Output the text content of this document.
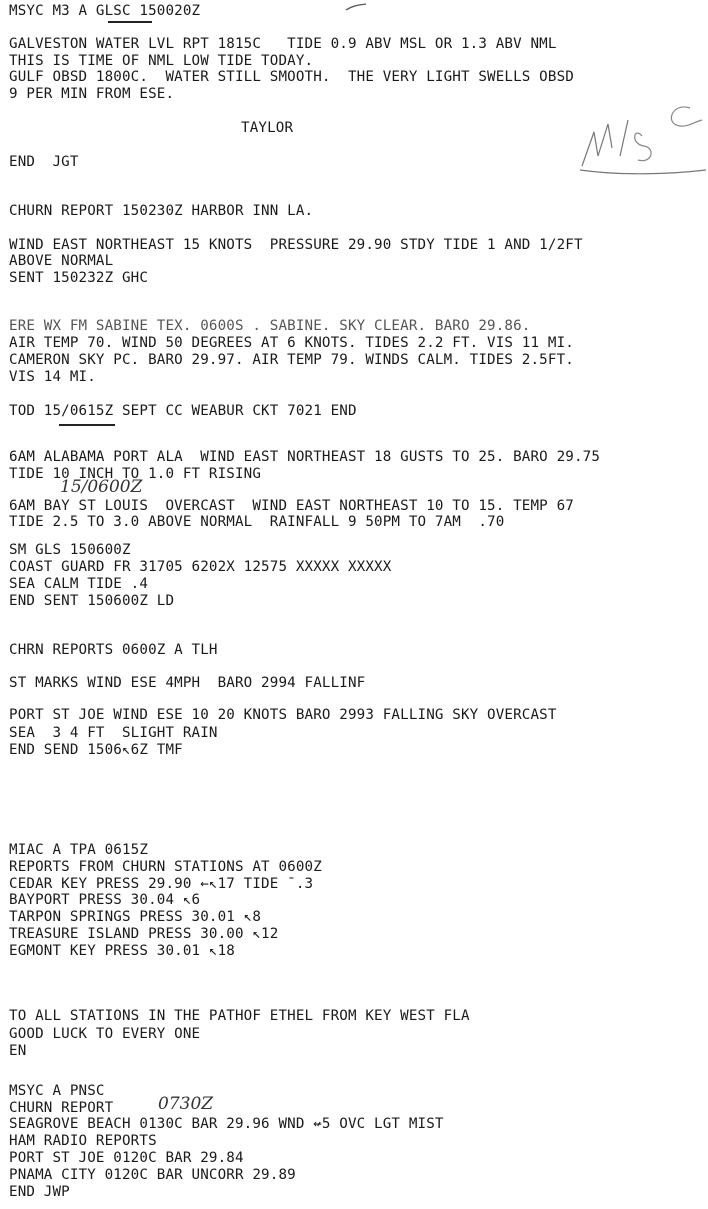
MSYC M3 A GLSC 150020Z

GALVESTON WATER LVL RPT 1815C   TIDE 0.9 ABV MSL OR 1.3 ABV NML

THIS IS TIME OF NML LOW TIDE TODAY.

GULF OBSD 1800C.  WATER STILL SMOOTH.  THE VERY LIGHT SWELLS OBSD

9 PER MIN FROM ESE.

TAYLOR

END  JGT

CHURN REPORT 150230Z HARBOR INN LA.

WIND EAST NORTHEAST 15 KNOTS  PRESSURE 29.90 STDY TIDE 1 AND 1/2FT

ABOVE NORMAL

SENT 150232Z GHC

ERE WX FM SABINE TEX. 0600S . SABINE. SKY CLEAR. BARO 29.86.

AIR TEMP 70. WIND 50 DEGREES AT 6 KNOTS. TIDES 2.2 FT. VIS 11 MI.

CAMERON SKY PC. BARO 29.97. AIR TEMP 79. WINDS CALM. TIDES 2.5FT.

VIS 14 MI.

TOD 15/0615Z SEPT CC WEABUR CKT 7021 END

6AM ALABAMA PORT ALA  WIND EAST NORTHEAST 18 GUSTS TO 25. BARO 29.75

TIDE 10 INCH TO 1.0 FT RISING

15/0600Z

6AM BAY ST LOUIS  OVERCAST  WIND EAST NORTHEAST 10 TO 15. TEMP 67

TIDE 2.5 TO 3.0 ABOVE NORMAL  RAINFALL 9 50PM TO 7AM  .70

SM GLS 150600Z

COAST GUARD FR 31705 6202X 12575 XXXXX XXXXX

SEA CALM TIDE .4

END SENT 150600Z LD

CHRN REPORTS 0600Z A TLH

ST MARKS WIND ESE 4MPH  BARO 2994 FALLINF

PORT ST JOE WIND ESE 10 20 KNOTS BARO 2993 FALLING SKY OVERCAST

SEA  3 4 FT  SLIGHT RAIN

END SEND 1506↖6Z TMF

MIAC A TPA 0615Z

REPORTS FROM CHURN STATIONS AT 0600Z

CEDAR KEY PRESS 29.90 ←↖17 TIDE ¯.3

BAYPORT PRESS 30.04 ↖6

TARPON SPRINGS PRESS 30.01 ↖8

TREASURE ISLAND PRESS 30.00 ↖12

EGMONT KEY PRESS 30.01 ↖18

TO ALL STATIONS IN THE PATHOF ETHEL FROM KEY WEST FLA

GOOD LUCK TO EVERY ONE

EN

MSYC A PNSC

CHURN REPORT	0730Z

SEAGROVE BEACH 0130C BAR 29.96 WND ↚5 OVC LGT MIST

HAM RADIO REPORTS

PORT ST JOE 0120C BAR 29.84

PNAMA CITY 0120C BAR UNCORR 29.89

END JWP
